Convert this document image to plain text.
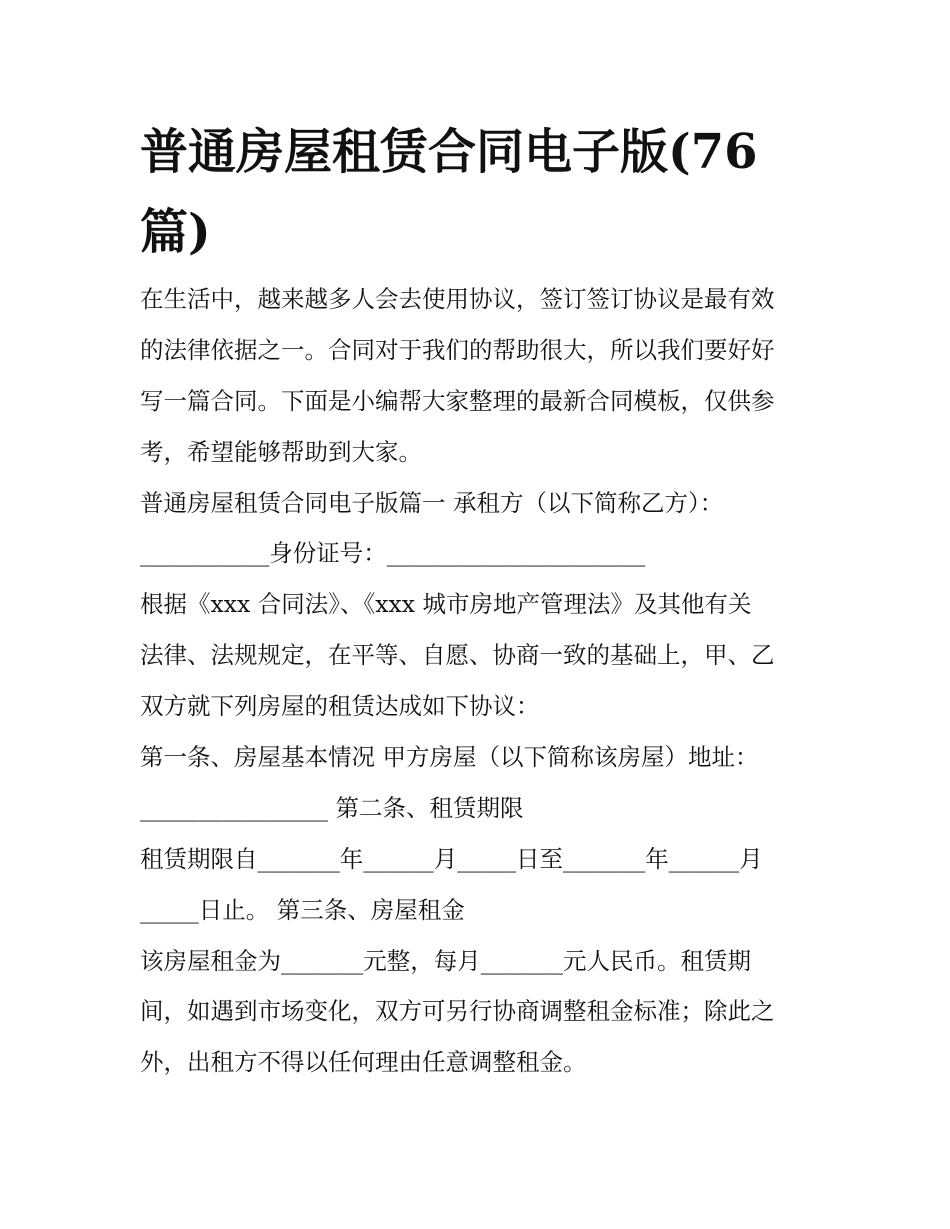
普通房屋租赁合同电子版(76
篇)
在生活中，越来越多人会去使用协议，签订签订协议是最有效
的法律依据之一。合同对于我们的帮助很大，所以我们要好好
写一篇合同。下面是小编帮大家整理的最新合同模板，仅供参
考，希望能够帮助到大家。
普通房屋租赁合同电子版篇一 承租方（以下简称乙方）：
___________身份证号：______________________
根据《xxx 合同法》、《xxx 城市房地产管理法》及其他有关
法律、法规规定，在平等、自愿、协商一致的基础上，甲、乙
双方就下列房屋的租赁达成如下协议：
第一条、房屋基本情况 甲方房屋（以下简称该房屋）地址：
________________ 第二条、租赁期限
租赁期限自_______年______月_____日至_______年______月
_____日止。 第三条、房屋租金
该房屋租金为_______元整，每月_______元人民币。租赁期
间，如遇到市场变化，双方可另行协商调整租金标准；除此之
外，出租方不得以任何理由任意调整租金。
